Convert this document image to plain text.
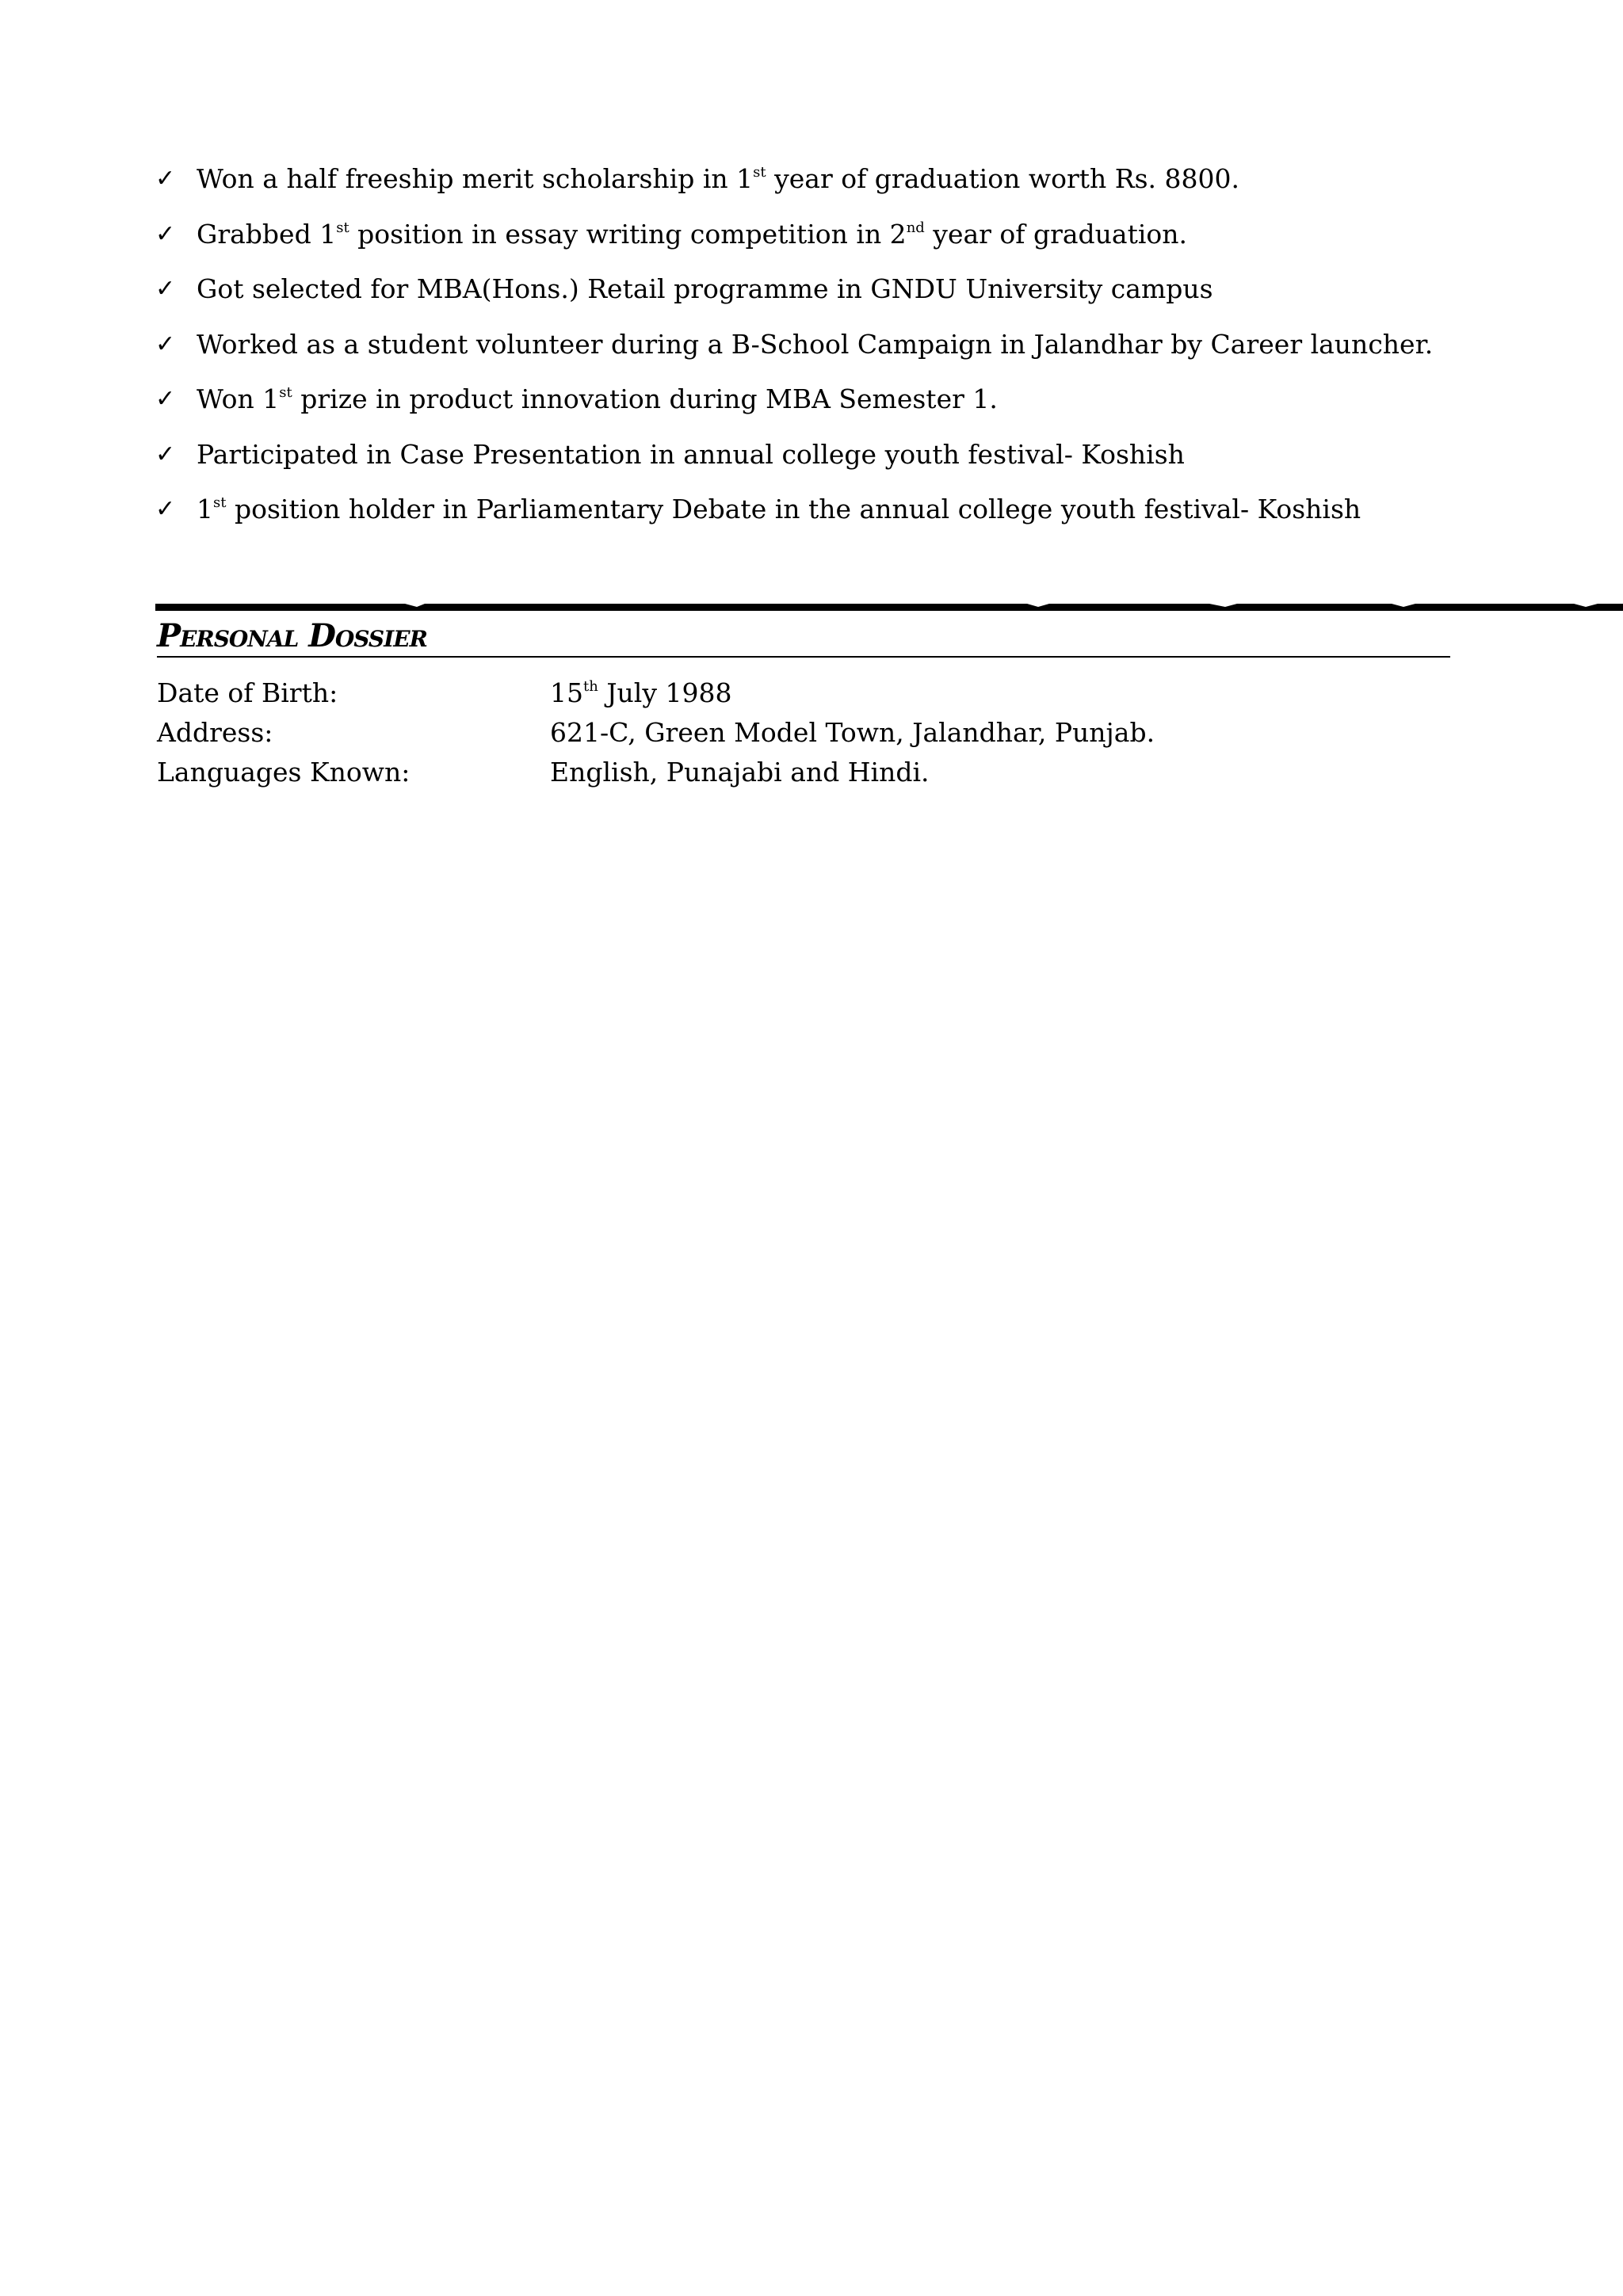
✓ Won a half freeship merit scholarship in 1st year of graduation worth Rs. 8800.
✓ Grabbed 1st position in essay writing competition in 2nd year of graduation.
✓ Got selected for MBA(Hons.) Retail programme in GNDU University campus
✓ Worked as a student volunteer during a B-School Campaign in Jalandhar by Career launcher.
✓ Won 1st prize in product innovation during MBA Semester 1.
✓ Participated in Case Presentation in annual college youth festival- Koshish
✓ 1st position holder in Parliamentary Debate in the annual college youth festival- Koshish
Personal Dossier
Date of Birth:	15th July 1988
Address:	621-C, Green Model Town, Jalandhar, Punjab.
Languages Known:	English, Punajabi and Hindi.
